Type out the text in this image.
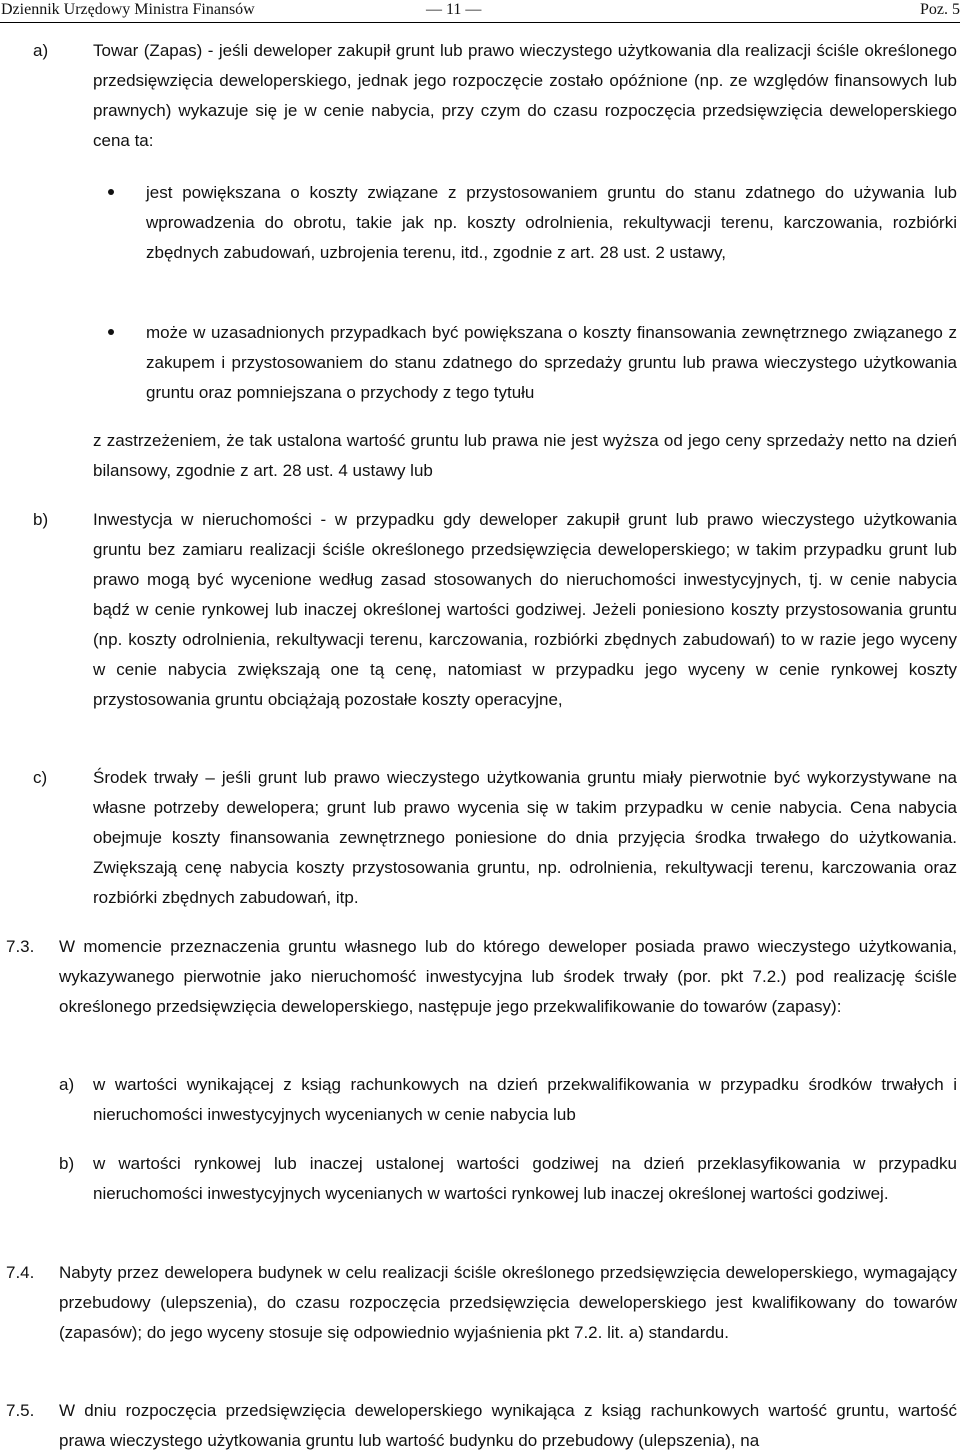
Dziennik Urzędowy Ministra Finansów	— 11 —	Poz. 5
a)	Towar (Zapas) - jeśli deweloper zakupił grunt lub prawo wieczystego użytkowania dla realizacji ściśle określonego przedsięwzięcia deweloperskiego, jednak jego rozpoczęcie zostało opóźnione (np. ze względów finansowych lub prawnych) wykazuje się je w cenie nabycia, przy czym do czasu rozpoczęcia przedsięwzięcia deweloperskiego cena ta:
jest powiększana o koszty związane z przystosowaniem gruntu do stanu zdatnego do używania lub wprowadzenia do obrotu, takie jak np. koszty odrolnienia, rekultywacji terenu, karczowania, rozbiórki zbędnych zabudowań, uzbrojenia terenu, itd., zgodnie z art. 28 ust. 2 ustawy,
może w uzasadnionych przypadkach być powiększana o koszty finansowania zewnętrznego związanego z zakupem i przystosowaniem do stanu zdatnego do sprzedaży gruntu lub prawa wieczystego użytkowania gruntu oraz pomniejszana o przychody z tego tytułu
z zastrzeżeniem, że tak ustalona wartość gruntu lub prawa nie jest wyższa od jego ceny sprzedaży netto na dzień bilansowy, zgodnie z art. 28 ust. 4 ustawy lub
b)	Inwestycja w nieruchomości - w przypadku gdy deweloper zakupił grunt lub prawo wieczystego użytkowania gruntu bez zamiaru realizacji ściśle określonego przedsięwzięcia deweloperskiego; w takim przypadku grunt lub prawo mogą być wycenione według zasad stosowanych do nieruchomości inwestycyjnych, tj. w cenie nabycia bądź w cenie rynkowej lub inaczej określonej wartości godziwej. Jeżeli poniesiono koszty przystosowania gruntu (np. koszty odrolnienia, rekultywacji terenu, karczowania, rozbiórki zbędnych zabudowań) to w razie jego wyceny w cenie nabycia zwiększają one tą cenę, natomiast w przypadku jego wyceny w cenie rynkowej koszty przystosowania gruntu obciążają pozostałe koszty operacyjne,
c)	Środek trwały – jeśli grunt lub prawo wieczystego użytkowania gruntu miały pierwotnie być wykorzystywane na własne potrzeby dewelopera; grunt lub prawo wycenia się w takim przypadku w cenie nabycia. Cena nabycia obejmuje koszty finansowania zewnętrznego poniesione do dnia przyjęcia środka trwałego do użytkowania. Zwiększają cenę nabycia koszty przystosowania gruntu, np. odrolnienia, rekultywacji terenu, karczowania oraz rozbiórki zbędnych zabudowań, itp.
7.3. W momencie przeznaczenia gruntu własnego lub do którego deweloper posiada prawo wieczystego użytkowania, wykazywanego pierwotnie jako nieruchomość inwestycyjna lub środek trwały (por. pkt 7.2.) pod realizację ściśle określonego przedsięwzięcia deweloperskiego, następuje jego przekwalifikowanie do towarów (zapasy):
a) w wartości wynikającej z ksiąg rachunkowych na dzień przekwalifikowania w przypadku środków trwałych i nieruchomości inwestycyjnych wycenianych w cenie nabycia lub
b) w wartości rynkowej lub inaczej ustalonej wartości godziwej na dzień przeklasyfikowania w przypadku nieruchomości inwestycyjnych wycenianych w wartości rynkowej lub inaczej określonej wartości godziwej.
7.4. Nabyty przez dewelopera budynek w celu realizacji ściśle określonego przedsięwzięcia deweloperskiego, wymagający przebudowy (ulepszenia), do czasu rozpoczęcia przedsięwzięcia deweloperskiego jest kwalifikowany do towarów (zapasów); do jego wyceny stosuje się odpowiednio wyjaśnienia pkt 7.2. lit. a) standardu.
7.5. W dniu rozpoczęcia przedsięwzięcia deweloperskiego wynikająca z ksiąg rachunkowych wartość gruntu, wartość prawa wieczystego użytkowania gruntu lub wartość budynku do przebudowy (ulepszenia), na
